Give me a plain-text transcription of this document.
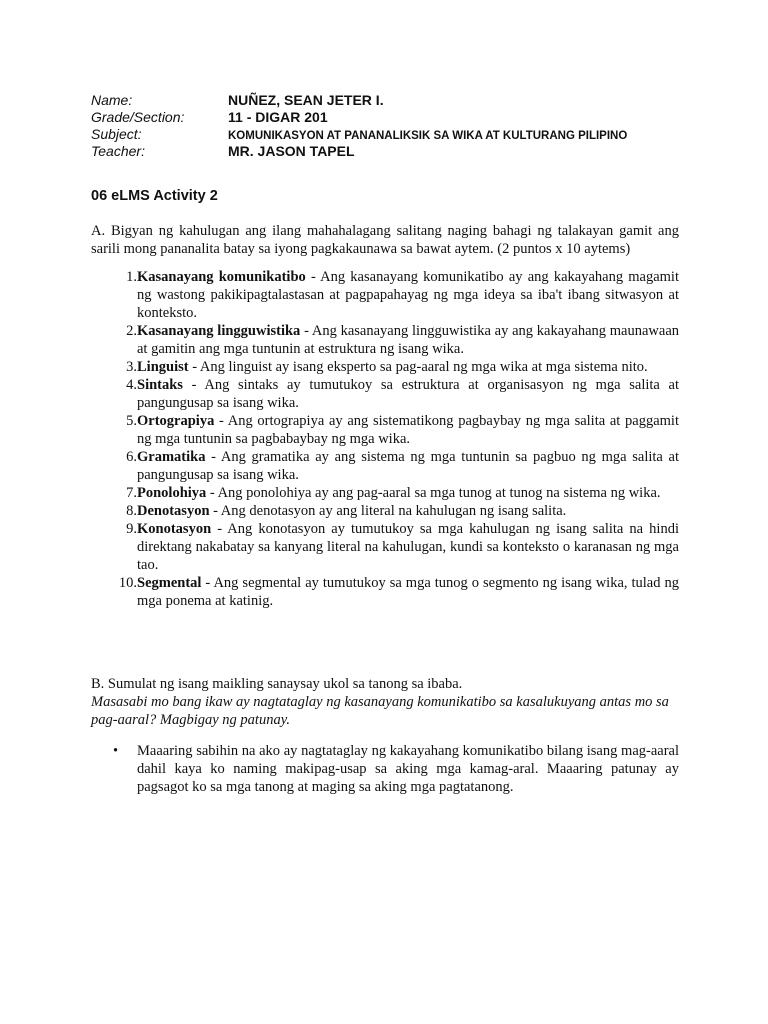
Name:	NUÑEZ, SEAN JETER I.
Grade/Section:	11 - DIGAR 201
Subject:	KOMUNIKASYON AT PANANALIKSIK SA WIKA AT KULTURANG PILIPINO
Teacher:	MR. JASON TAPEL
06 eLMS Activity 2
A. Bigyan ng kahulugan ang ilang mahahalagang salitang naging bahagi ng talakayan gamit ang sarili mong pananalita batay sa iyong pagkakaunawa sa bawat aytem. (2 puntos x 10 aytems)
1. Kasanayang komunikatibo - Ang kasanayang komunikatibo ay ang kakayahang magamit ng wastong pakikipagtalastasan at pagpapahayag ng mga ideya sa iba't ibang sitwasyon at konteksto.
2. Kasanayang lingguwistika - Ang kasanayang lingguwistika ay ang kakayahang maunawaan at gamitin ang mga tuntunin at estruktura ng isang wika.
3. Linguist - Ang linguist ay isang eksperto sa pag-aaral ng mga wika at mga sistema nito.
4. Sintaks - Ang sintaks ay tumutukoy sa estruktura at organisasyon ng mga salita at pangungusap sa isang wika.
5. Ortograpiya - Ang ortograpiya ay ang sistematikong pagbaybay ng mga salita at paggamit ng mga tuntunin sa pagbabaybay ng mga wika.
6. Gramatika - Ang gramatika ay ang sistema ng mga tuntunin sa pagbuo ng mga salita at pangungusap sa isang wika.
7. Ponolohiya - Ang ponolohiya ay ang pag-aaral sa mga tunog at tunog na sistema ng wika.
8. Denotasyon - Ang denotasyon ay ang literal na kahulugan ng isang salita.
9. Konotasyon - Ang konotasyon ay tumutukoy sa mga kahulugan ng isang salita na hindi direktang nakabatay sa kanyang literal na kahulugan, kundi sa konteksto o karanasan ng mga tao.
10. Segmental - Ang segmental ay tumutukoy sa mga tunog o segmento ng isang wika, tulad ng mga ponema at katinig.
B. Sumulat ng isang maikling sanaysay ukol sa tanong sa ibaba.
Masasabi mo bang ikaw ay nagtataglay ng kasanayang komunikatibo sa kasalukuyang antas mo sa pag-aaral? Magbigay ng patunay.
•	Maaaring sabihin na ako ay nagtataglay ng kakayahang komunikatibo bilang isang mag-aaral dahil kaya ko naming makipag-usap sa aking mga kamag-aral. Maaaring patunay ay pagsagot ko sa mga tanong at maging sa aking mga pagtatanong.
